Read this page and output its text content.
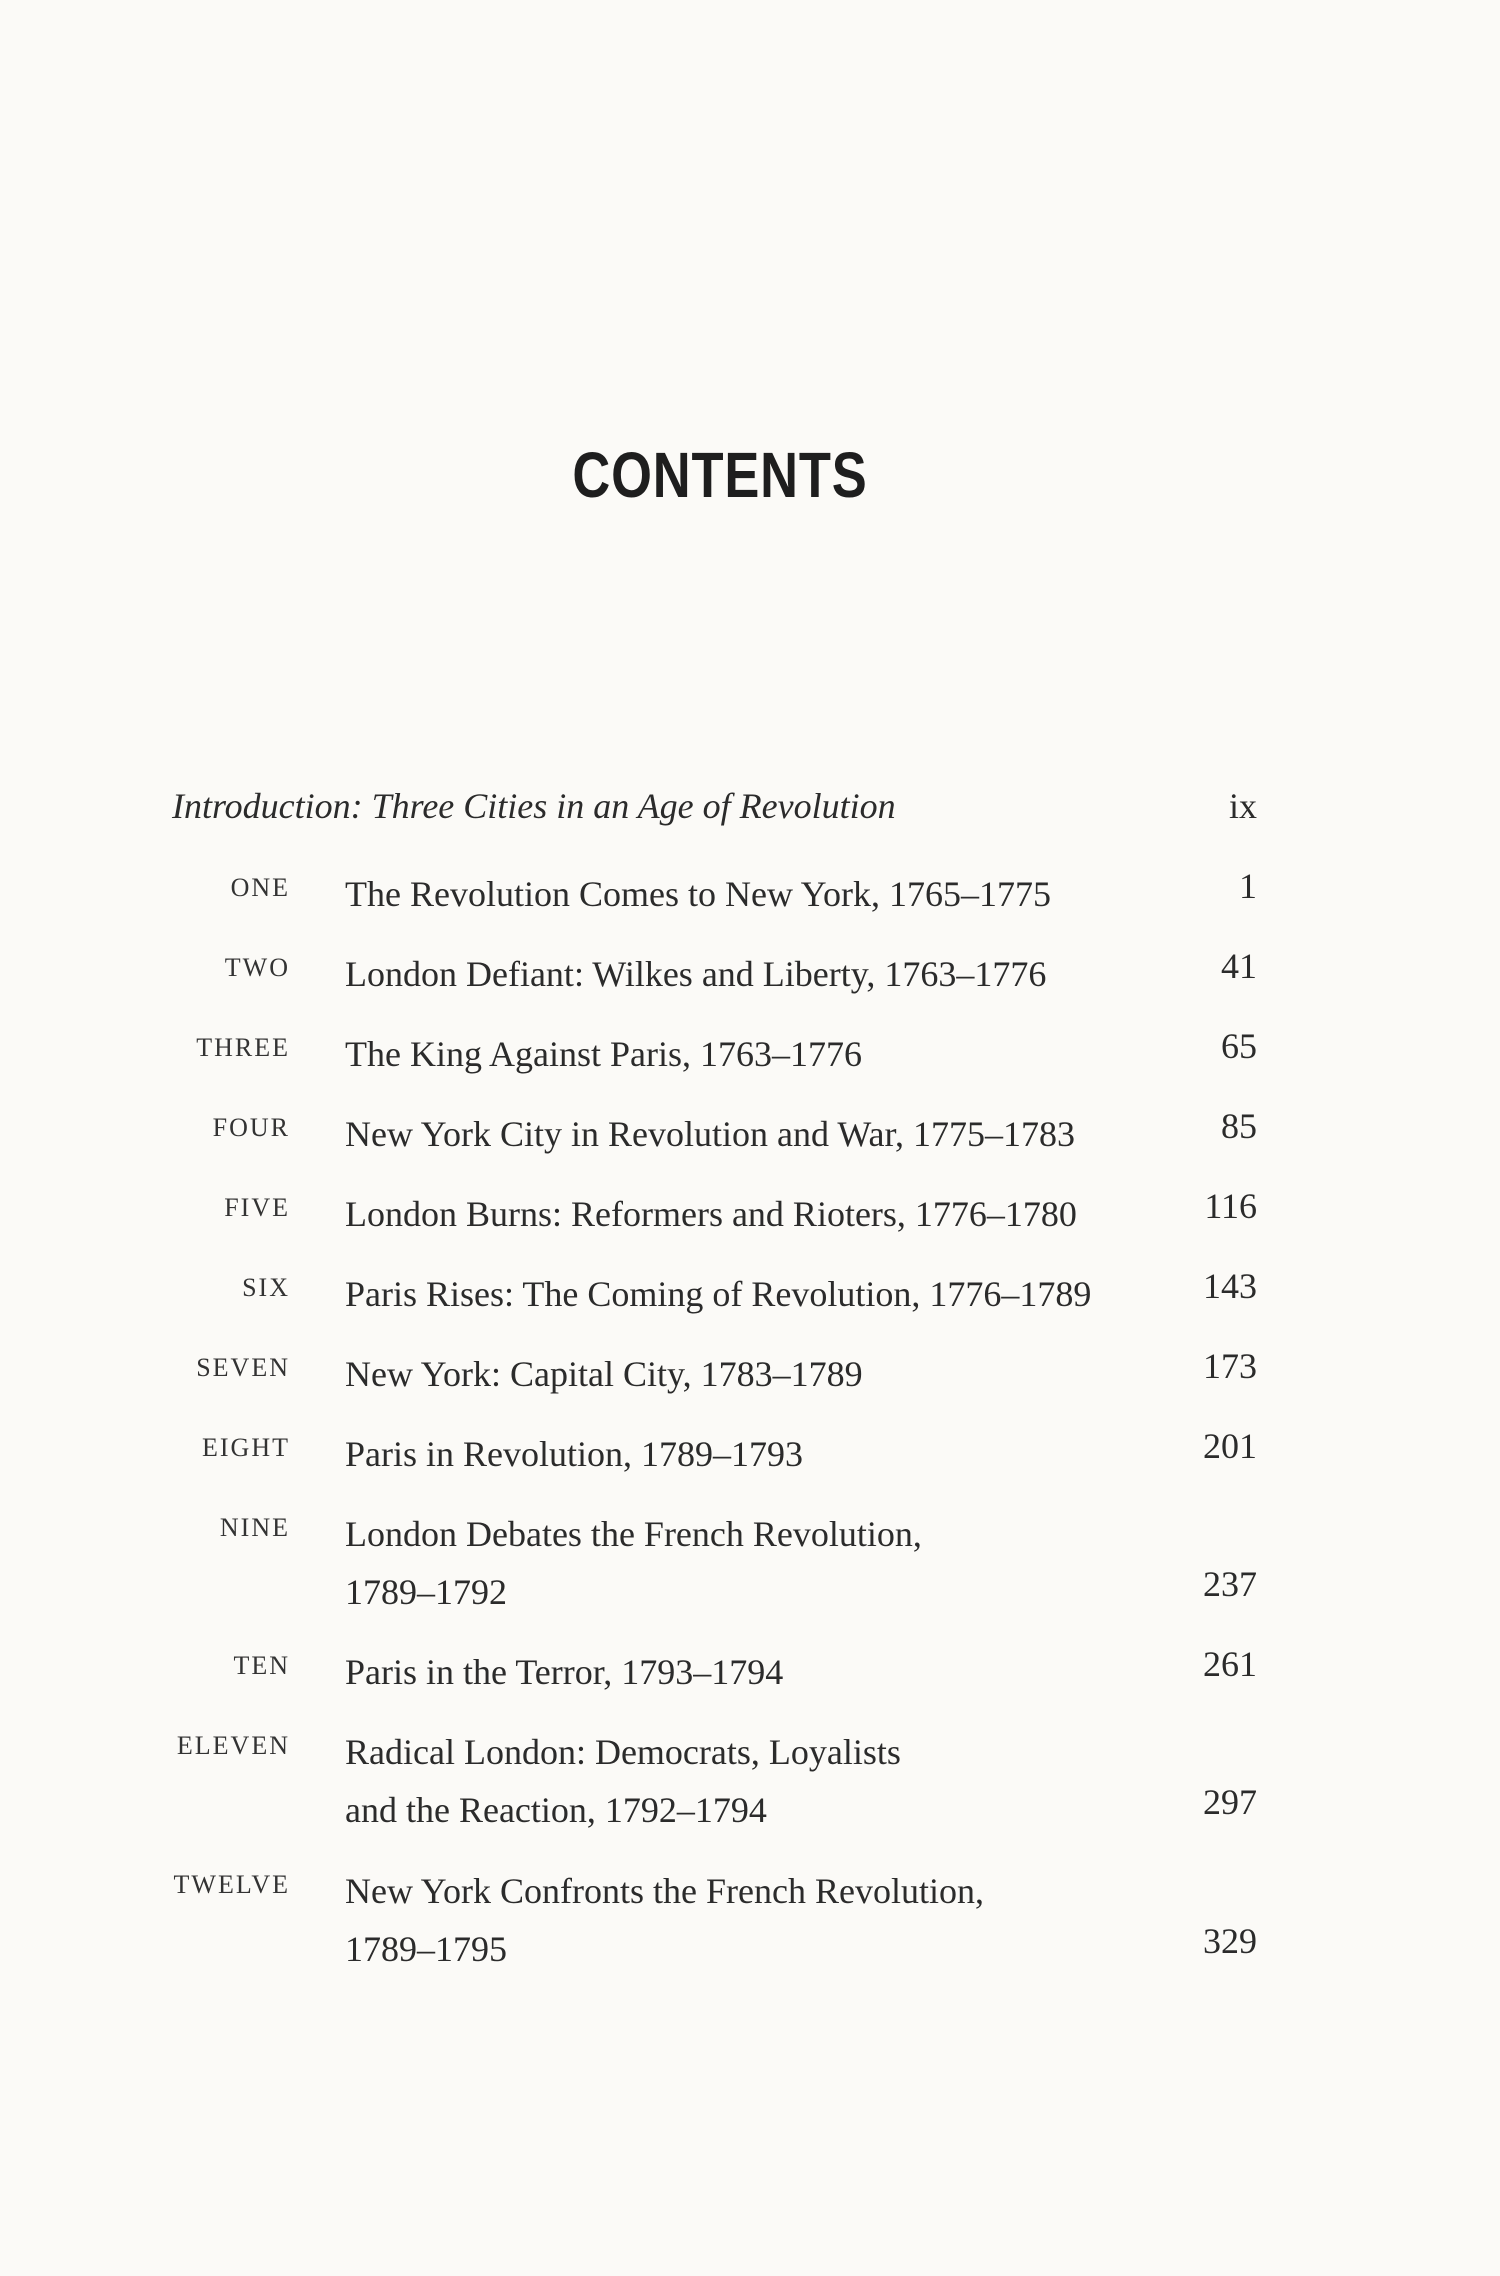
CONTENTS
Introduction: Three Cities in an Age of Revolution	ix
ONE The Revolution Comes to New York, 1765–1775	1
TWO London Defiant: Wilkes and Liberty, 1763–1776	41
THREE The King Against Paris, 1763–1776	65
FOUR New York City in Revolution and War, 1775–1783	85
FIVE London Burns: Reformers and Rioters, 1776–1780	116
SIX Paris Rises: The Coming of Revolution, 1776–1789	143
SEVEN New York: Capital City, 1783–1789	173
EIGHT Paris in Revolution, 1789–1793	201
NINE London Debates the French Revolution,
1789–1792	237
TEN Paris in the Terror, 1793–1794	261
ELEVEN Radical London: Democrats, Loyalists
and the Reaction, 1792–1794	297
TWELVE New York Confronts the French Revolution,
1789–1795	329
